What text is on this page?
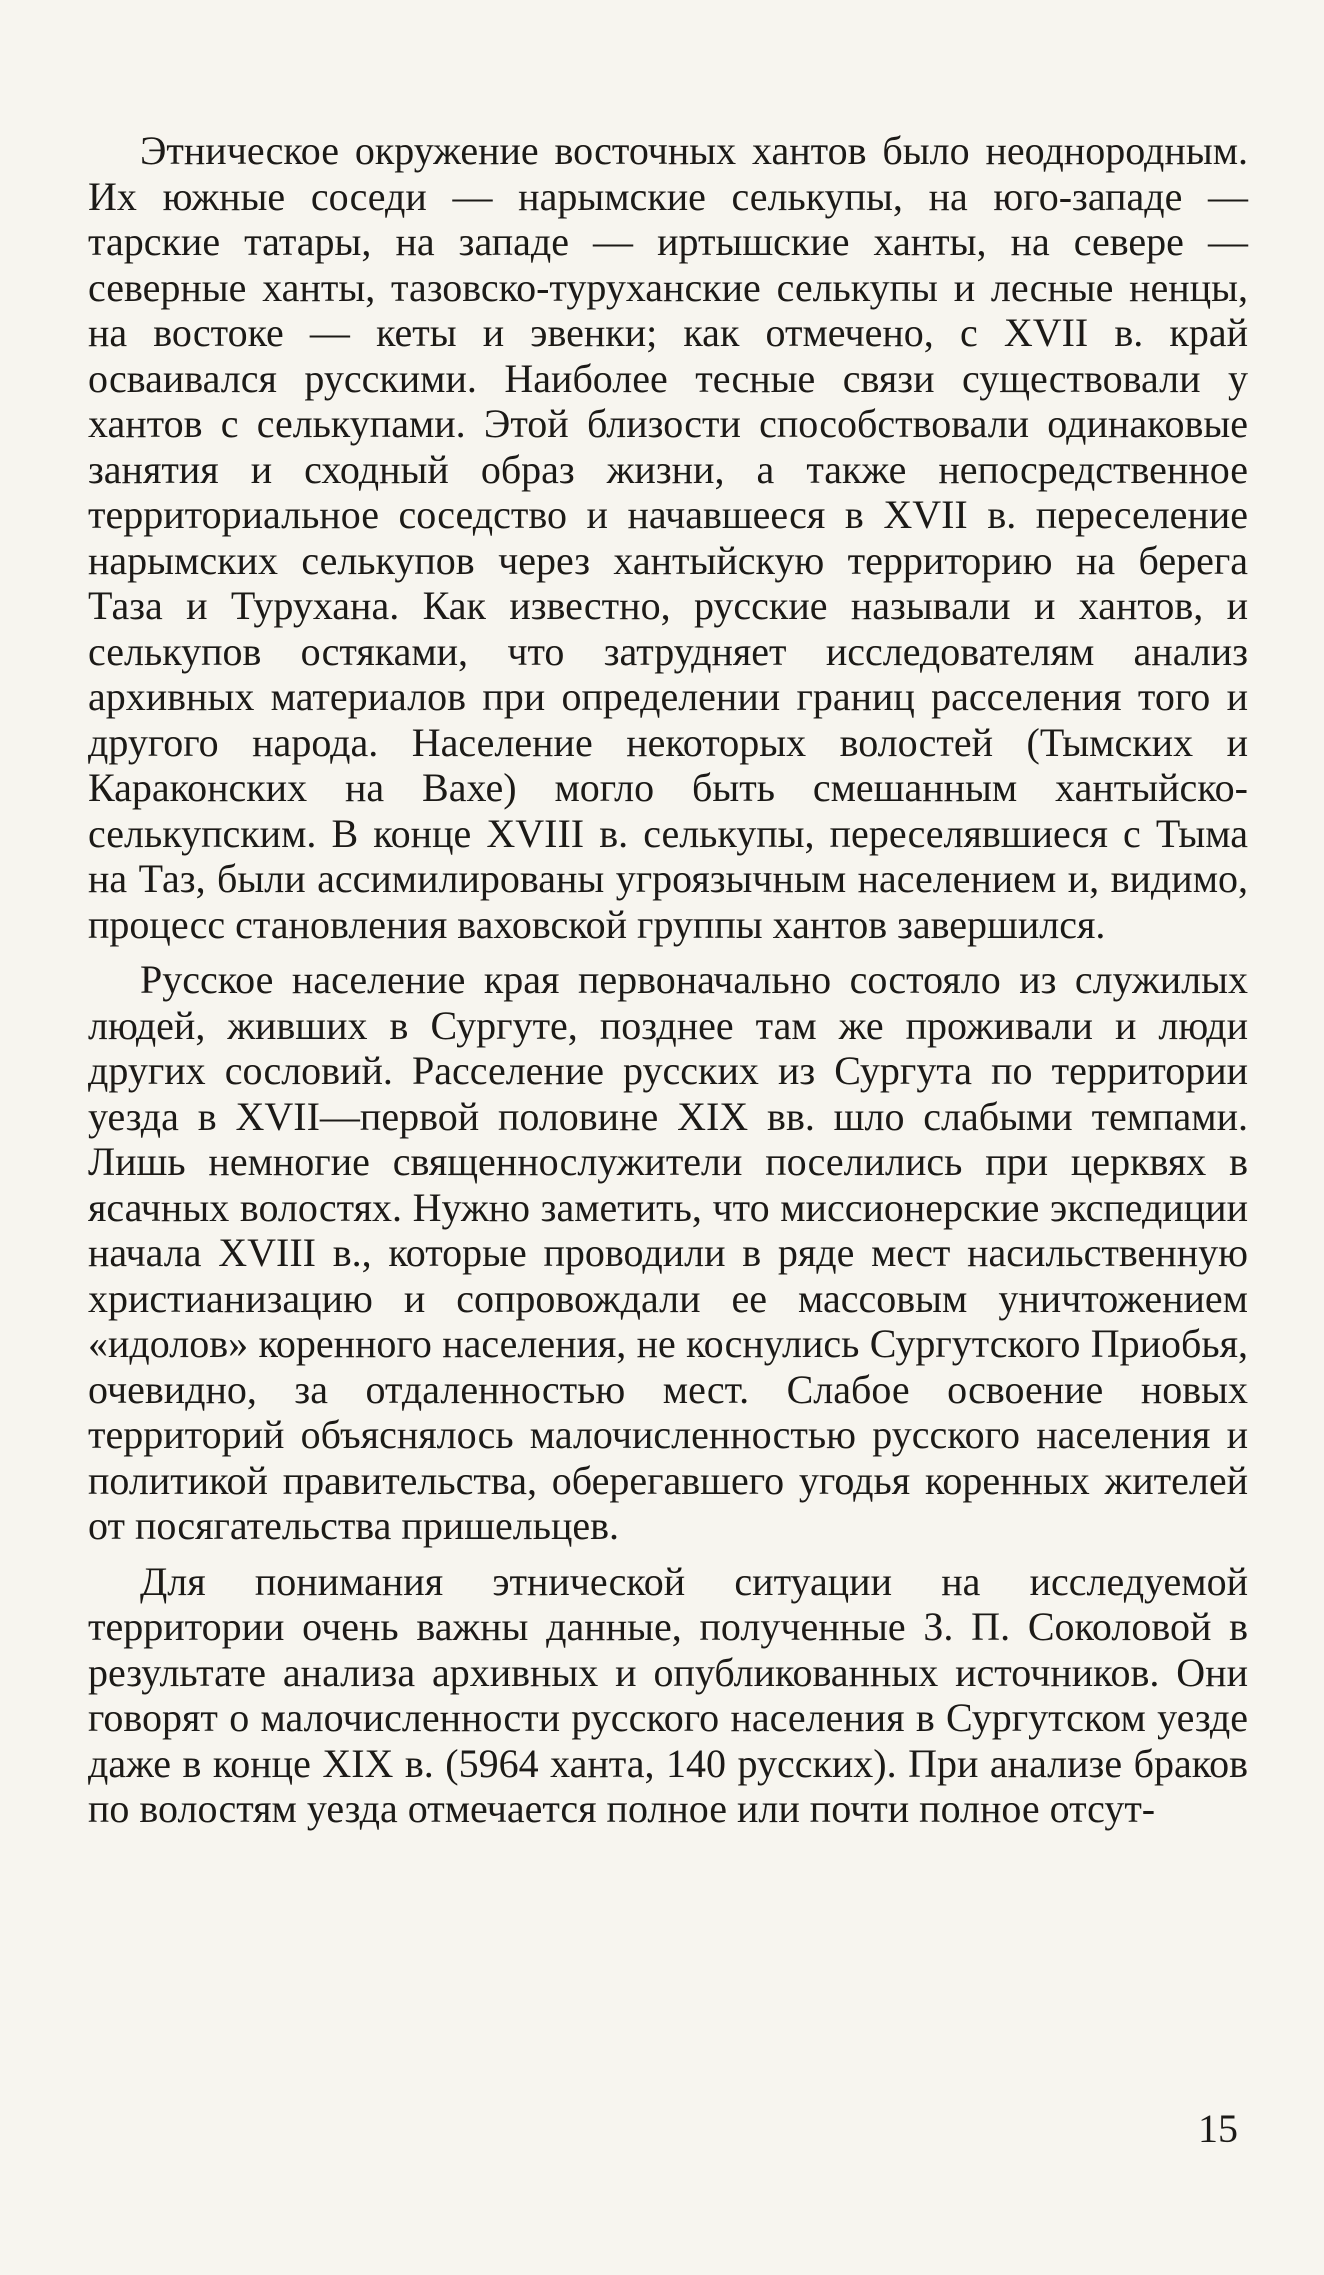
Этническое окружение восточных хантов было неоднородным. Их южные соседи — нарымские селькупы, на юго-западе — тарские татары, на западе — иртышские ханты, на севере — северные ханты, тазовско-туруханские селькупы и лесные ненцы, на востоке — кеты и эвенки; как отмечено, с XVII в. край осваивался русскими. Наиболее тесные связи существовали у хантов с селькупами. Этой близости способствовали одинаковые занятия и сходный образ жизни, а также непосредственное территориальное соседство и начавшееся в XVII в. переселение нарымских селькупов через хантыйскую территорию на берега Таза и Турухана. Как известно, русские называли и хантов, и селькупов остяками, что затрудняет исследователям анализ архивных материалов при определении границ расселения того и другого народа. Население некоторых волостей (Тымских и Караконских на Вахе) могло быть смешанным хантыйско-селькупским. В конце XVIII в. селькупы, переселявшиеся с Тыма на Таз, были ассимилированы угроязычным населением и, видимо, процесс становления ваховской группы хантов завершился.

Русское население края первоначально состояло из служилых людей, живших в Сургуте, позднее там же проживали и люди других сословий. Расселение русских из Сургута по территории уезда в XVII—первой половине XIX вв. шло слабыми темпами. Лишь немногие священнослужители поселились при церквях в ясачных волостях. Нужно заметить, что миссионерские экспедиции начала XVIII в., которые проводили в ряде мест насильственную христианизацию и сопровождали ее массовым уничтожением «идолов» коренного населения, не коснулись Сургутского Приобья, очевидно, за отдаленностью мест. Слабое освоение новых территорий объяснялось малочисленностью русского населения и политикой правительства, оберегавшего угодья коренных жителей от посягательства пришельцев.

Для понимания этнической ситуации на исследуемой территории очень важны данные, полученные З. П. Соколовой в результате анализа архивных и опубликованных источников. Они говорят о малочисленности русского населения в Сургутском уезде даже в конце XIX в. (5964 ханта, 140 русских). При анализе браков по волостям уезда отмечается полное или почти полное отсут-

15
